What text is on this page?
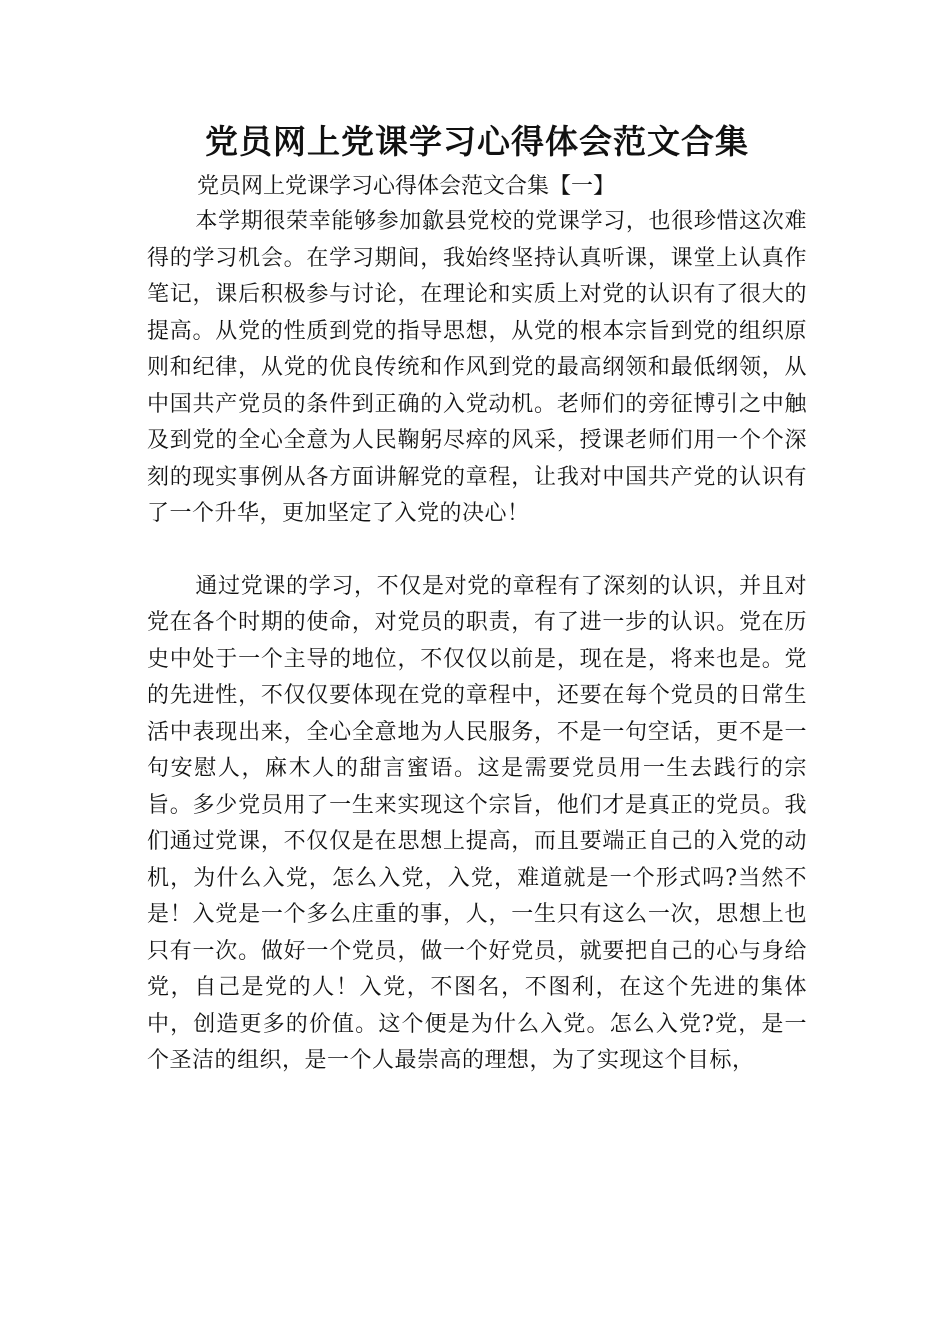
党员网上党课学习心得体会范文合集

党员网上党课学习心得体会范文合集【一】

本学期很荣幸能够参加歙县党校的党课学习，也很珍惜这次难得的学习机会。在学习期间，我始终坚持认真听课，课堂上认真作笔记，课后积极参与讨论，在理论和实质上对党的认识有了很大的提高。从党的性质到党的指导思想，从党的根本宗旨到党的组织原则和纪律，从党的优良传统和作风到党的最高纲领和最低纲领，从中国共产党员的条件到正确的入党动机。老师们的旁征博引之中触及到党的全心全意为人民鞠躬尽瘁的风采，授课老师们用一个个深刻的现实事例从各方面讲解党的章程，让我对中国共产党的认识有了一个升华，更加坚定了入党的决心！

通过党课的学习，不仅是对党的章程有了深刻的认识，并且对党在各个时期的使命，对党员的职责，有了进一步的认识。党在历史中处于一个主导的地位，不仅仅以前是，现在是，将来也是。党的先进性，不仅仅要体现在党的章程中，还要在每个党员的日常生活中表现出来，全心全意地为人民服务，不是一句空话，更不是一句安慰人，麻木人的甜言蜜语。这是需要党员用一生去践行的宗旨。多少党员用了一生来实现这个宗旨，他们才是真正的党员。我们通过党课，不仅仅是在思想上提高，而且要端正自己的入党的动机，为什么入党，怎么入党，入党，难道就是一个形式吗?当然不是！入党是一个多么庄重的事，人，一生只有这么一次，思想上也只有一次。做好一个党员，做一个好党员，就要把自己的心与身给党，自己是党的人！入党，不图名，不图利，在这个先进的集体中，创造更多的价值。这个便是为什么入党。怎么入党?党，是一个圣洁的组织，是一个人最崇高的理想，为了实现这个目标，
